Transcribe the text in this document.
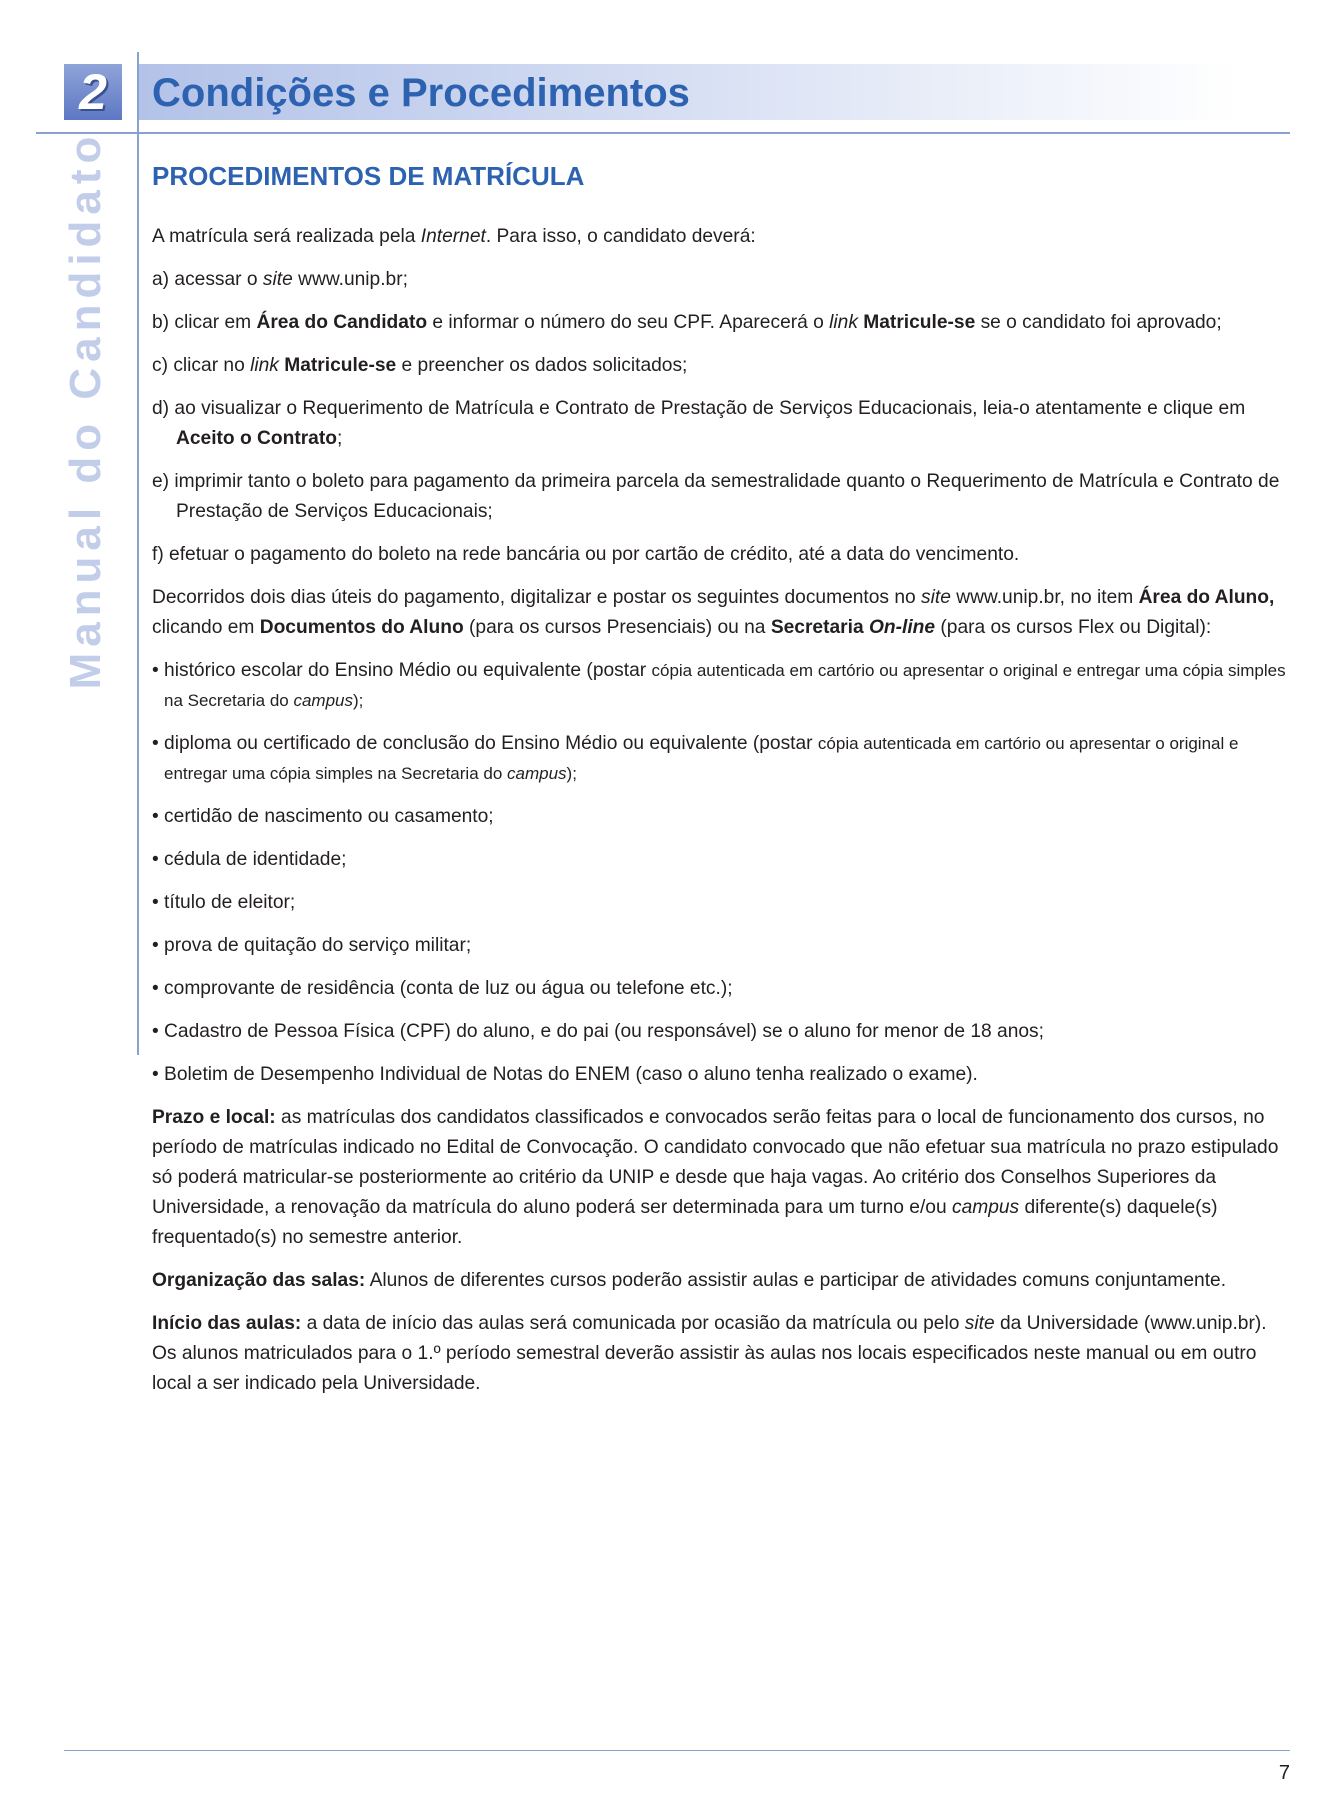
2 Condições e Procedimentos
Manual do Candidato PROCEDIMENTOS DE MATRÍCULA

A matrícula será realizada pela Internet. Para isso, o candidato deverá:

a) acessar o site www.unip.br;

b) clicar em Área do Candidato e informar o número do seu CPF. Aparecerá o link Matricule-se se o candidato foi aprovado;

c) clicar no link Matricule-se e preencher os dados solicitados;

d) ao visualizar o Requerimento de Matrícula e Contrato de Prestação de Serviços Educacionais, leia-o atentamente e clique em Aceito o Contrato;

e) imprimir tanto o boleto para pagamento da primeira parcela da semestralidade quanto o Requerimento de Matrícula e Contrato de Prestação de Serviços Educacionais;

f) efetuar o pagamento do boleto na rede bancária ou por cartão de crédito, até a data do vencimento.

Decorridos dois dias úteis do pagamento, digitalizar e postar os seguintes documentos no site www.unip.br, no item Área do Aluno, clicando em Documentos do Aluno (para os cursos Presenciais) ou na Secretaria On-line (para os cursos Flex ou Digital):

• histórico escolar do Ensino Médio ou equivalente (postar cópia autenticada em cartório ou apresentar o original e entregar uma cópia simples na Secretaria do campus);

• diploma ou certificado de conclusão do Ensino Médio ou equivalente (postar cópia autenticada em cartório ou apresentar o original e entregar uma cópia simples na Secretaria do campus);

• certidão de nascimento ou casamento;

• cédula de identidade;

• título de eleitor;

• prova de quitação do serviço militar;

• comprovante de residência (conta de luz ou água ou telefone etc.);

• Cadastro de Pessoa Física (CPF) do aluno, e do pai (ou responsável) se o aluno for menor de 18 anos;

• Boletim de Desempenho Individual de Notas do ENEM (caso o aluno tenha realizado o exame).

Prazo e local: as matrículas dos candidatos classificados e convocados serão feitas para o local de funcionamento dos cursos, no período de matrículas indicado no Edital de Convocação. O candidato convocado que não efetuar sua matrícula no prazo estipulado só poderá matricular-se posteriormente ao critério da UNIP e desde que haja vagas. Ao critério dos Conselhos Superiores da Universidade, a renovação da matrícula do aluno poderá ser determinada para um turno e/ou campus diferente(s) daquele(s) frequentado(s) no semestre anterior.

Organização das salas: Alunos de diferentes cursos poderão assistir aulas e participar de atividades comuns conjuntamente.

Início das aulas: a data de início das aulas será comunicada por ocasião da matrícula ou pelo site da Universidade (www.unip.br). Os alunos matriculados para o 1.º período semestral deverão assistir às aulas nos locais especificados neste manual ou em outro local a ser indicado pela Universidade.

7
